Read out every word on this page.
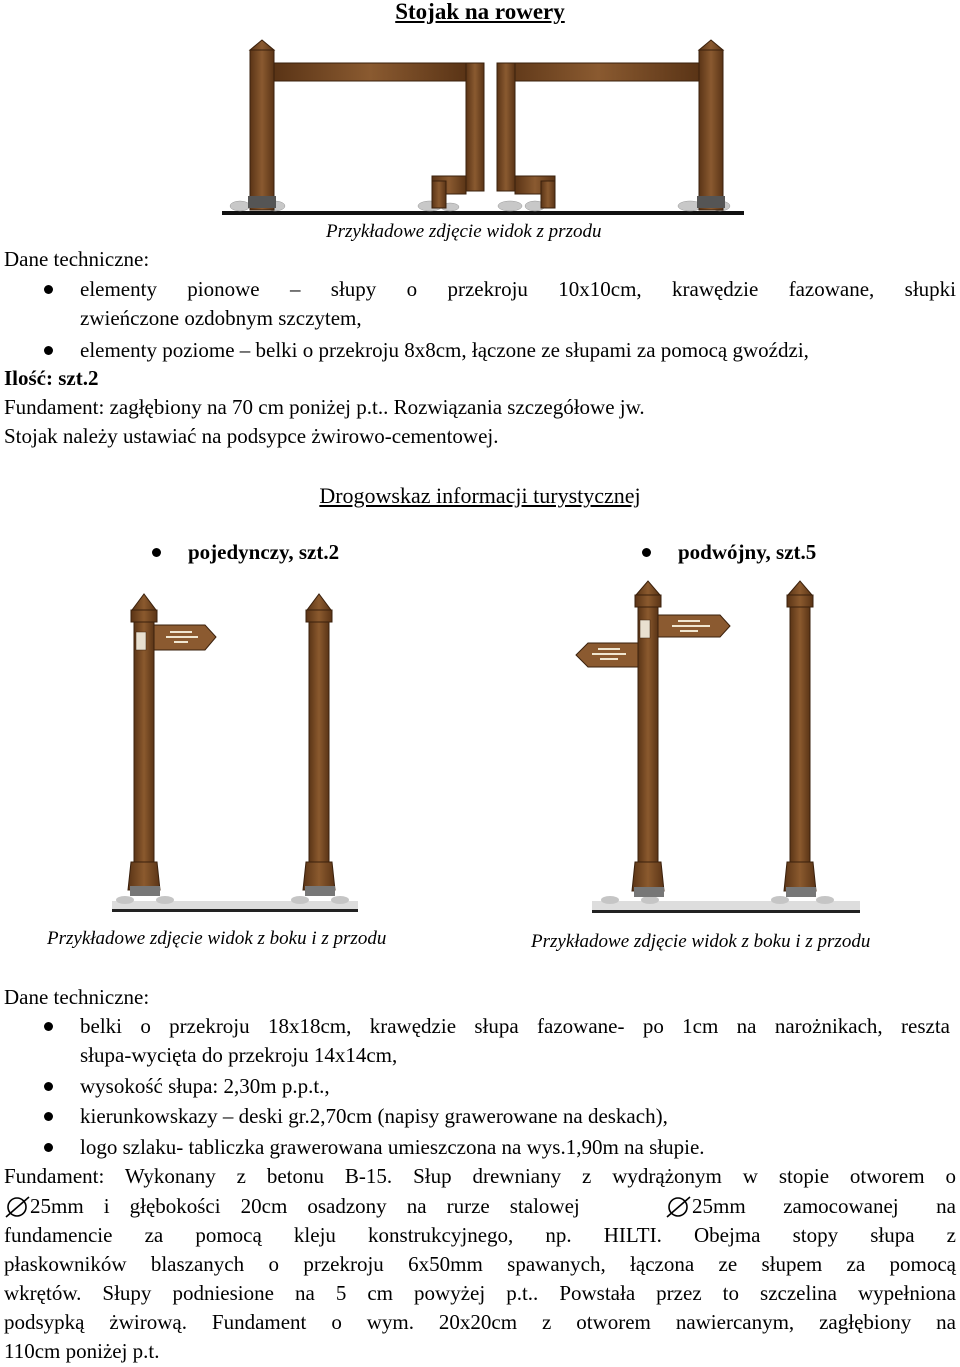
Stojak na rowery
Przykładowe zdjęcie widok z przodu
Dane techniczne:
elementy pionowe – słupy o przekroju 10x10cm, krawędzie fazowane, słupki
zwieńczone ozdobnym szczytem,
elementy poziome – belki o przekroju 8x8cm, łączone ze słupami za pomocą gwoździ,
Ilość: szt.2
Fundament: zagłębiony na 70 cm poniżej p.t.. Rozwiązania szczegółowe jw.
Stojak należy ustawiać na podsypce żwirowo-cementowej.
Drogowskaz informacji turystycznej
pojedynczy, szt.2	podwójny, szt.5
Przykładowe zdjęcie widok z boku i z przodu	Przykładowe zdjęcie widok z boku i z przodu
Dane techniczne:
belki o przekroju 18x18cm, krawędzie słupa fazowane- po 1cm na narożnikach, reszta
słupa-wycięta do przekroju 14x14cm,
wysokość słupa: 2,30m p.p.t.,
kierunkowskazy – deski gr.2,70cm (napisy grawerowane na deskach),
logo szlaku- tabliczka grawerowana umieszczona na wys.1,90m na słupie.
Fundament: Wykonany z betonu B-15. Słup drewniany z wydrążonym w stopie otworem o
25mm i głębokości 20cm osadzony na rurze stalowej	25mm zamocowanej na
fundamencie za pomocą kleju konstrukcyjnego, np. HILTI. Obejma stopy słupa z
płaskowników blaszanych o przekroju 6x50mm spawanych, łączona ze słupem za pomocą
wkrętów. Słupy podniesione na 5 cm powyżej p.t.. Powstała przez to szczelina wypełniona
podsypką żwirową. Fundament o wym. 20x20cm z otworem nawiercanym, zagłębiony na
110cm poniżej p.t.
